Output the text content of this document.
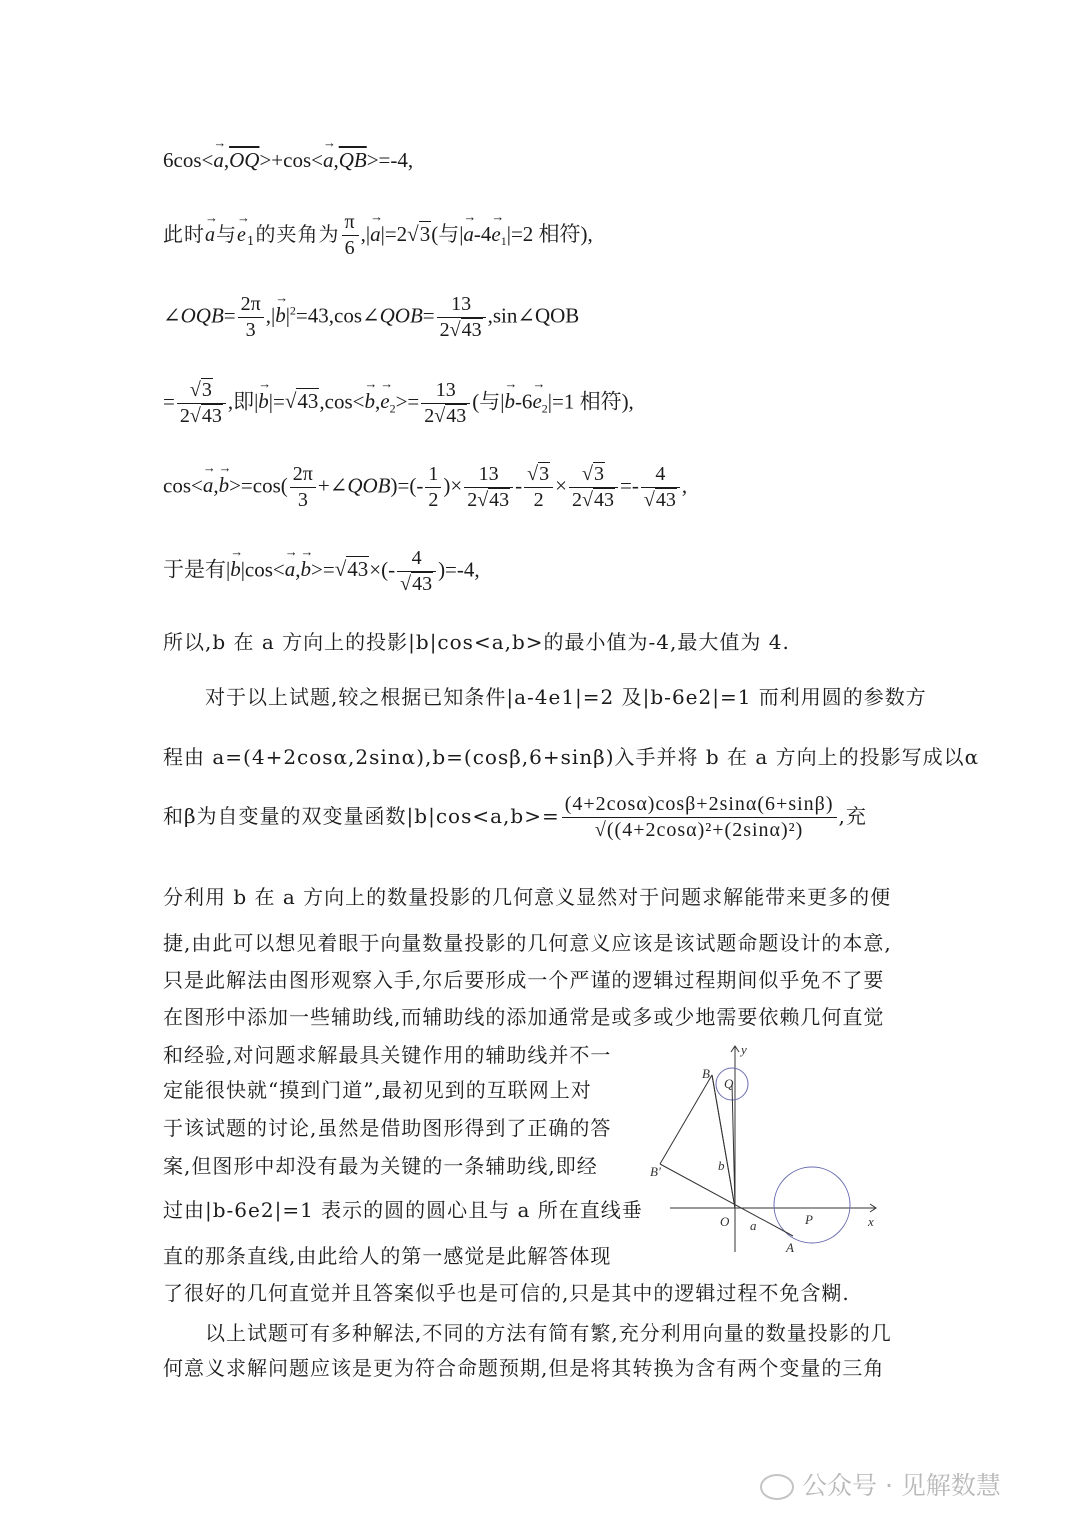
$6\cos<a \to,\overline{OQ}>+\cos<a \to,\overline{QB}>=-4$,
此时a →与$e \to_1$的夹角为 $\frac{\pi}{6} ,|a \to|=2√3$(与$|a \to-4e \to_1|=2$ 相符),
∠OQB= $\frac{2\pi}{3} ,|b$ $\to|^2=43,\cos\angle QOB= \frac{13}{2√43}$ ,sin∠QOB
= $\frac{√3}{2√43}$ ,即$|b \to|=√43,\cos<b \to,e \to_2>= \frac{13}{2√43}$ (与$|b \to-6e \to_2|=1$ 相符),
$\cos<a \to,b \to>=\cos( \frac{2\pi}{3}$ +∠QOB)=(- $\frac{1}{2}$ )× $\frac{13}{2√43} - \frac{√3}{2} \times \frac{√3}{2√43} =- \frac{4}{√43}$ ,
于是有$|b \to|\cos<a \to,b \to>=√43\times(- \frac{4}{√43} )=-4$,
所以,b 在 a 方向上的投影|b|cos<a,b>的最小值为-4,最大值为 4.
对于以上试题,较之根据已知条件|a-4e1|=2 及|b-6e2|=1 而利用圆的参数方
程由 a=(4+2cosα,2sinα),b=(cosβ,6+sinβ)入手并将 b 在 a 方向上的投影写成以α
和β为自变量的双变量函数$|b|\cos<a,b>= \frac{(4+2\cos\alpha)\cos\beta+2\sin\alpha(6+\sin\beta)}{\text{√((4+2cosα)²+(2sinα)²)}}$ ,充
分利用 b 在 a 方向上的数量投影的几何意义显然对于问题求解能带来更多的便
捷,由此可以想见着眼于向量数量投影的几何意义应该是该试题命题设计的本意,
只是此解法由图形观察入手,尔后要形成一个严谨的逻辑过程期间似乎免不了要
在图形中添加一些辅助线,而辅助线的添加通常是或多或少地需要依赖几何直觉
和经验,对问题求解最具关键作用的辅助线并不一
定能很快就“摸到门道”,最初见到的互联网上对
于该试题的讨论,虽然是借助图形得到了正确的答
案,但图形中却没有最为关键的一条辅助线,即经
过由|b-6e2|=1 表示的圆的圆心且与 a 所在直线垂
直的那条直线,由此给人的第一感觉是此解答体现
了很好的几何直觉并且答案似乎也是可信的,只是其中的逻辑过程不免含糊.
以上试题可有多种解法,不同的方法有简有繁,充分利用向量的数量投影的几
何意义求解问题应该是更为符合命题预期,但是将其转换为含有两个变量的三角
y
x
O	P
Q
B
B'
A
b
a
公众号 · 见解数慧
